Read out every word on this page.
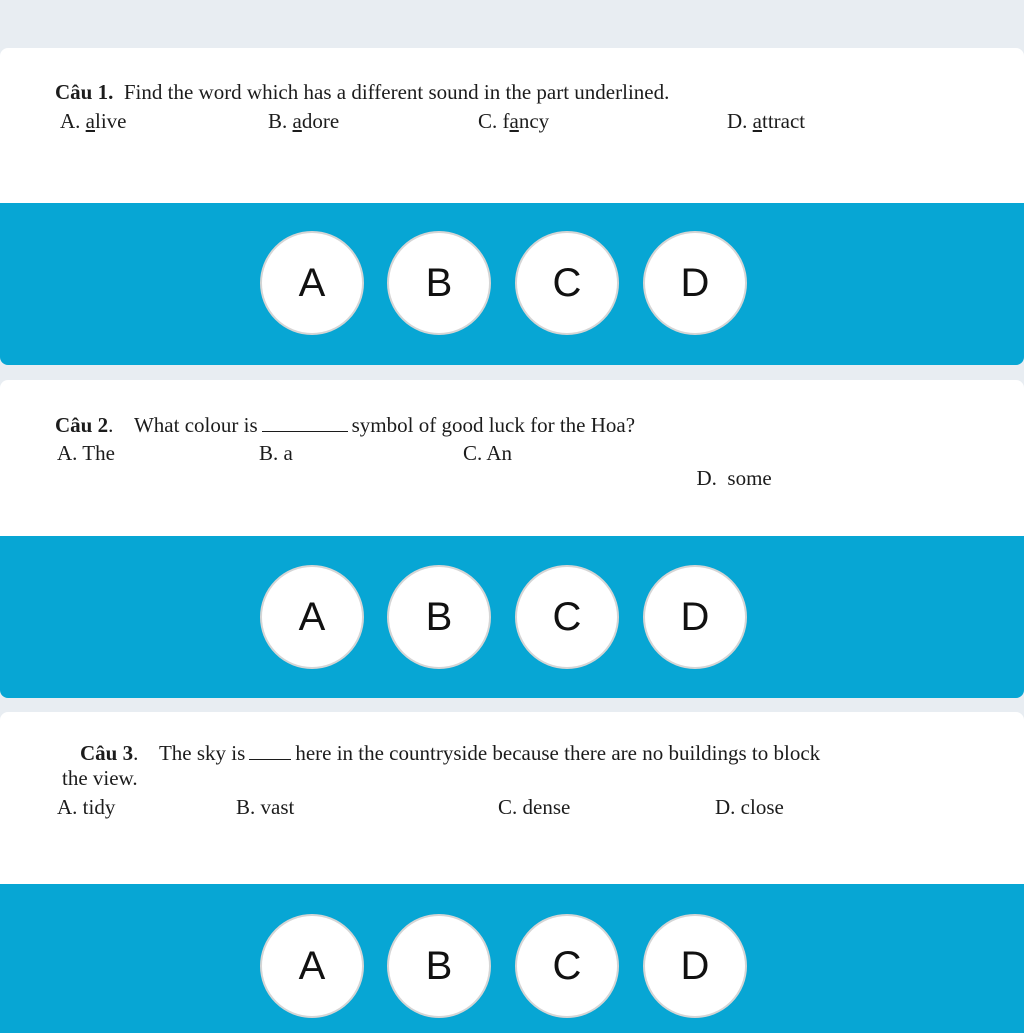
Câu 1. Find the word which has a different sound in the part underlined.
A. alive	B. adore	C. fancy	D. attract
A	B	C	D
Câu 2. What colour is	symbol of good luck for the Hoa?
A. The	B. a	C. An

D.  some

A	B	C	D
Câu 3. The sky is here in the countryside because there are no buildings to block
the view.
A. tidy	B. vast	C. dense	D. close
A	B	C	D
